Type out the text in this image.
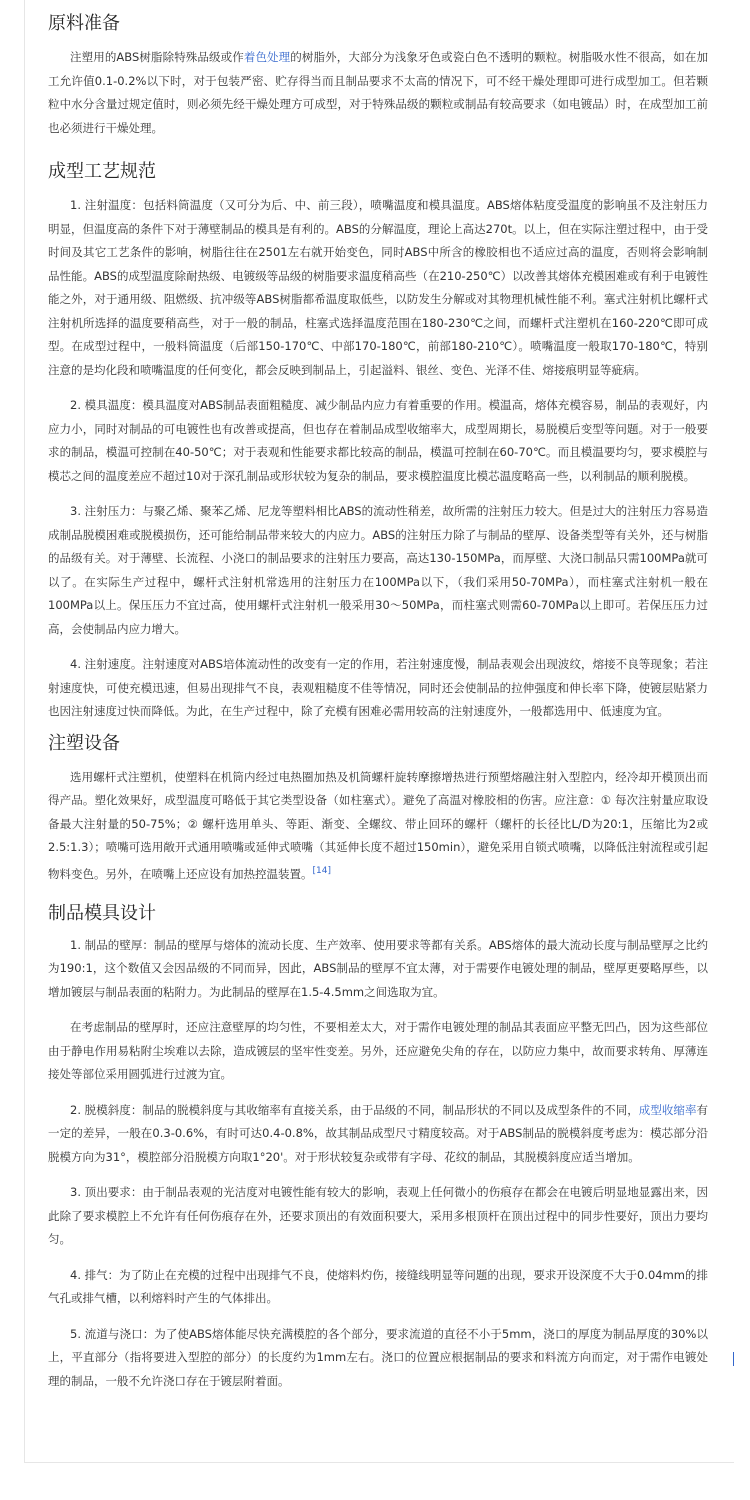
原料准备

注塑用的ABS树脂除特殊品级或作着色处理的树脂外，大部分为浅象牙色或瓷白色不透明的颗粒。树脂吸水性不很高，如在加工允许值0.1-0.2%以下时，对于包装严密、贮存得当而且制品要求不太高的情况下，可不经干燥处理即可进行成型加工。但若颗粒中水分含量过规定值时，则必须先经干燥处理方可成型，对于特殊品级的颗粒或制品有较高要求（如电镀品）时，在成型加工前也必须进行干燥处理。

成型工艺规范

1. 注射温度：包括料筒温度（又可分为后、中、前三段），喷嘴温度和模具温度。ABS熔体粘度受温度的影响虽不及注射压力明显，但温度高的条件下对于薄壁制品的模具是有利的。ABS的分解温度，理论上高达270t。以上，但在实际注塑过程中，由于受时间及其它工艺条件的影响，树脂往往在2501左右就开始变色，同时ABS中所含的橡胶相也不适应过高的温度，否则将会影响制品性能。ABS的成型温度除耐热级、电镀级等品级的树脂要求温度稍高些（在210-250℃）以改善其熔体充模困难或有利于电镀性能之外，对于通用级、阻燃级、抗冲级等ABS树脂都希温度取低些，以防发生分解或对其物理机械性能不利。塞式注射机比螺杆式注射机所选择的温度要稍高些，对于一般的制品，柱塞式选择温度范围在180-230℃之间，而螺杆式注塑机在160-220℃即可成型。在成型过程中，一般料筒温度（后部150-170℃、中部170-180℃，前部180-210℃）。喷嘴温度一般取170-180℃，特别注意的是均化段和喷嘴温度的任何变化，都会反映到制品上，引起溢料、银丝、变色、光泽不佳、熔接痕明显等疵病。

2. 模具温度：模具温度对ABS制品表面粗糙度、减少制品内应力有着重要的作用。模温高，熔体充模容易，制品的表观好，内应力小，同时对制品的可电镀性也有改善或提高，但也存在着制品成型收缩率大，成型周期长，易脱模后变型等问题。对于一般要求的制品，模温可控制在40-50℃；对于表观和性能要求都比较高的制品，模温可控制在60-70℃。而且模温要均匀，要求模腔与模芯之间的温度差应不超过10对于深孔制品或形状较为复杂的制品，要求模腔温度比模芯温度略高一些，以利制品的顺利脱模。

3. 注射压力：与聚乙烯、聚苯乙烯、尼龙等塑料相比ABS的流动性稍差，故所需的注射压力较大。但是过大的注射压力容易造成制品脱模困难或脱模损伤，还可能给制品带来较大的内应力。ABS的注射压力除了与制品的壁厚、设备类型等有关外，还与树脂的品级有关。对于薄壁、长流程、小浇口的制品要求的注射压力要高，高达130-150MPa，而厚壁、大浇口制品只需100MPa就可以了。在实际生产过程中，螺杆式注射机常选用的注射压力在100MPa以下，（我们采用50-70MPa），而柱塞式注射机一般在100MPa以上。保压压力不宜过高，使用螺杆式注射机一般采用30～50MPa，而柱塞式则需60-70MPa以上即可。若保压压力过高，会使制品内应力增大。

4. 注射速度。注射速度对ABS培体流动性的改变有一定的作用，若注射速度慢，制品表观会出现波纹，熔接不良等现象；若注射速度快，可使充模迅速，但易出现排气不良，表观粗糙度不佳等情况，同时还会使制品的拉伸强度和伸长率下降，使镀层贴紧力也因注射速度过快而降低。为此，在生产过程中，除了充模有困难必需用较高的注射速度外，一般都选用中、低速度为宜。

注塑设备

选用螺杆式注塑机，使塑料在机筒内经过电热圈加热及机筒螺杆旋转摩擦增热进行预塑熔融注射入型腔内，经冷却开模顶出而得产品。塑化效果好，成型温度可略低于其它类型设备（如柱塞式）。避免了高温对橡胶相的伤害。应注意：① 每次注射量应取设备最大注射量的50-75%；② 螺杆选用单头、等距、渐变、全螺纹、带止回环的螺杆（螺杆的长径比L/D为20:1，压缩比为2或2.5:1.3）；喷嘴可选用敞开式通用喷嘴或延伸式喷嘴（其延伸长度不超过150min），避免采用自锁式喷嘴，以降低注射流程或引起物料变色。另外，在喷嘴上还应设有加热控温装置。[14]

制品模具设计

1. 制品的壁厚：制品的壁厚与熔体的流动长度、生产效率、使用要求等都有关系。ABS熔体的最大流动长度与制品壁厚之比约为190:1，这个数值又会因品级的不同而异，因此，ABS制品的壁厚不宜太薄，对于需要作电镀处理的制品，壁厚更要略厚些，以增加镀层与制品表面的粘附力。为此制品的壁厚在1.5-4.5mm之间选取为宜。

在考虑制品的壁厚时，还应注意壁厚的均匀性，不要相差太大，对于需作电镀处理的制品其表面应平整无凹凸，因为这些部位由于静电作用易粘附尘埃难以去除，造成镀层的坚牢性变差。另外，还应避免尖角的存在，以防应力集中，故而要求转角、厚薄连接处等部位采用圆弧进行过渡为宜。

2. 脱模斜度：制品的脱模斜度与其收缩率有直接关系，由于品级的不同，制品形状的不同以及成型条件的不同，成型收缩率有一定的差异，一般在0.3-0.6%，有时可达0.4-0.8%，故其制品成型尺寸精度较高。对于ABS制品的脱模斜度考虑为：模芯部分沿脱模方向为31°，模腔部分沿脱模方向取1°20'。对于形状较复杂或带有字母、花纹的制品，其脱模斜度应适当增加。

3. 顶出要求：由于制品表观的光洁度对电镀性能有较大的影响，表观上任何微小的伤痕存在都会在电镀后明显地显露出来，因此除了要求模腔上不允许有任何伤痕存在外，还要求顶出的有效面积要大，采用多根顶杆在顶出过程中的同步性要好，顶出力要均匀。

4. 排气：为了防止在充模的过程中出现排气不良，使熔料灼伤，接缝线明显等问题的出现，要求开设深度不大于0.04mm的排气孔或排气槽，以利熔料时产生的气体排出。

5. 流道与浇口：为了使ABS熔体能尽快充满模腔的各个部分，要求流道的直径不小于5mm，浇口的厚度为制品厚度的30%以上，平直部分（指将要进入型腔的部分）的长度约为1mm左右。浇口的位置应根据制品的要求和料流方向而定，对于需作电镀处理的制品，一般不允许浇口存在于镀层附着面。
